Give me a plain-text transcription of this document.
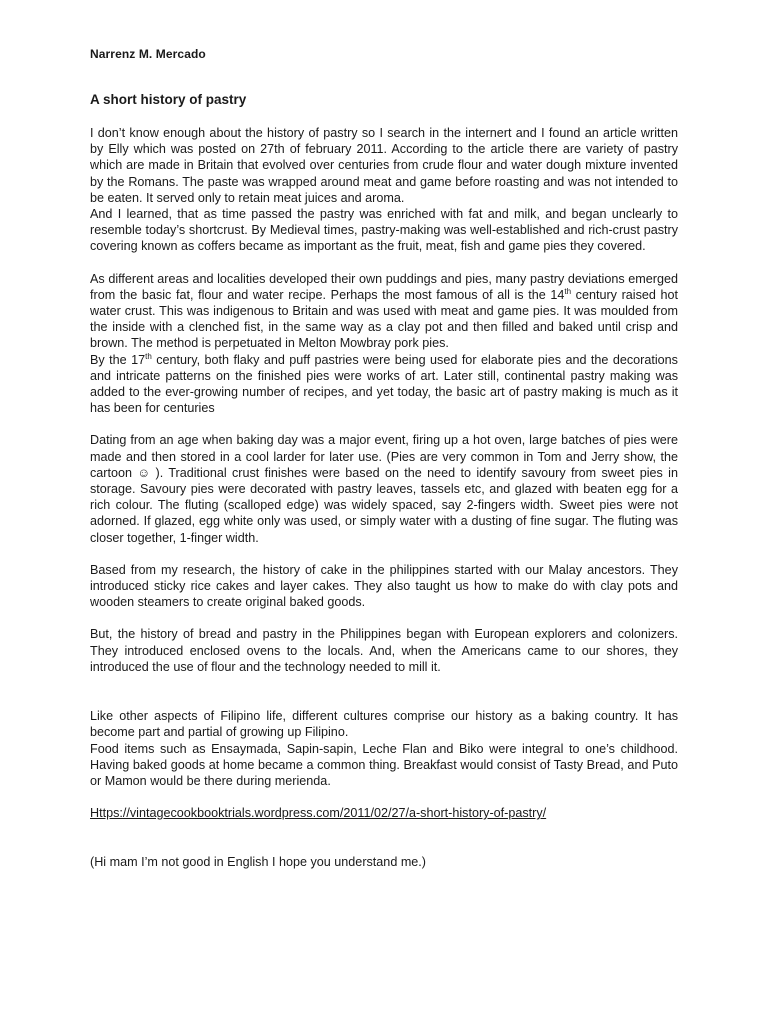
Narrenz M. Mercado
A short history of pastry

I don’t know enough about the history of pastry so I search in the internert and I found an article written by Elly which was posted on 27th of february 2011. According to the article there are variety of pastry which are made in Britain that evolved over centuries from crude flour and water dough mixture invented by the Romans. The paste was wrapped around meat and game before roasting and was not intended to be eaten. It served only to retain meat juices and aroma.

And I learned, that as time passed the pastry was enriched with fat and milk, and began unclearly to resemble today’s shortcrust. By Medieval times, pastry-making was well-established and rich-crust pastry covering known as coffers became as important as the fruit, meat, fish and game pies they covered.

As different areas and localities developed their own puddings and pies, many pastry deviations emerged from the basic fat, flour and water recipe. Perhaps the most famous of all is the 14th century raised hot water crust. This was indigenous to Britain and was used with meat and game pies. It was moulded from the inside with a clenched fist, in the same way as a clay pot and then filled and baked until crisp and brown. The method is perpetuated in Melton Mowbray pork pies.

By the 17th century, both flaky and puff pastries were being used for elaborate pies and the decorations and intricate patterns on the finished pies were works of art. Later still, continental pastry making was added to the ever-growing number of recipes, and yet today, the basic art of pastry making is much as it has been for centuries

Dating from an age when baking day was a major event, firing up a hot oven, large batches of pies were made and then stored in a cool larder for later use. (Pies are very common in Tom and Jerry show, the cartoon ☺ ). Traditional crust finishes were based on the need to identify savoury from sweet pies in storage. Savoury pies were decorated with pastry leaves, tassels etc, and glazed with beaten egg for a rich colour. The fluting (scalloped edge) was widely spaced, say 2-fingers width. Sweet pies were not adorned. If glazed, egg white only was used, or simply water with a dusting of fine sugar. The fluting was closer together, 1-finger width.

Based from my research, the history of cake in the philippines started with our Malay ancestors. They introduced sticky rice cakes and layer cakes. They also taught us how to make do with clay pots and wooden steamers to create original baked goods.

But, the history of bread and pastry in the Philippines began with European explorers and colonizers. They introduced enclosed ovens to the locals. And, when the Americans came to our shores, they introduced the use of flour and the technology needed to mill it.

Like other aspects of Filipino life, different cultures comprise our history as a baking country. It has become part and partial of growing up Filipino.

Food items such as Ensaymada, Sapin-sapin, Leche Flan and Biko were integral to one’s childhood. Having baked goods at home became a common thing. Breakfast would consist of Tasty Bread, and Puto or Mamon would be there during merienda.

Https://vintagecookbooktrials.wordpress.com/2011/02/27/a-short-history-of-pastry/

(Hi mam I’m not good in English I hope you understand me.)
